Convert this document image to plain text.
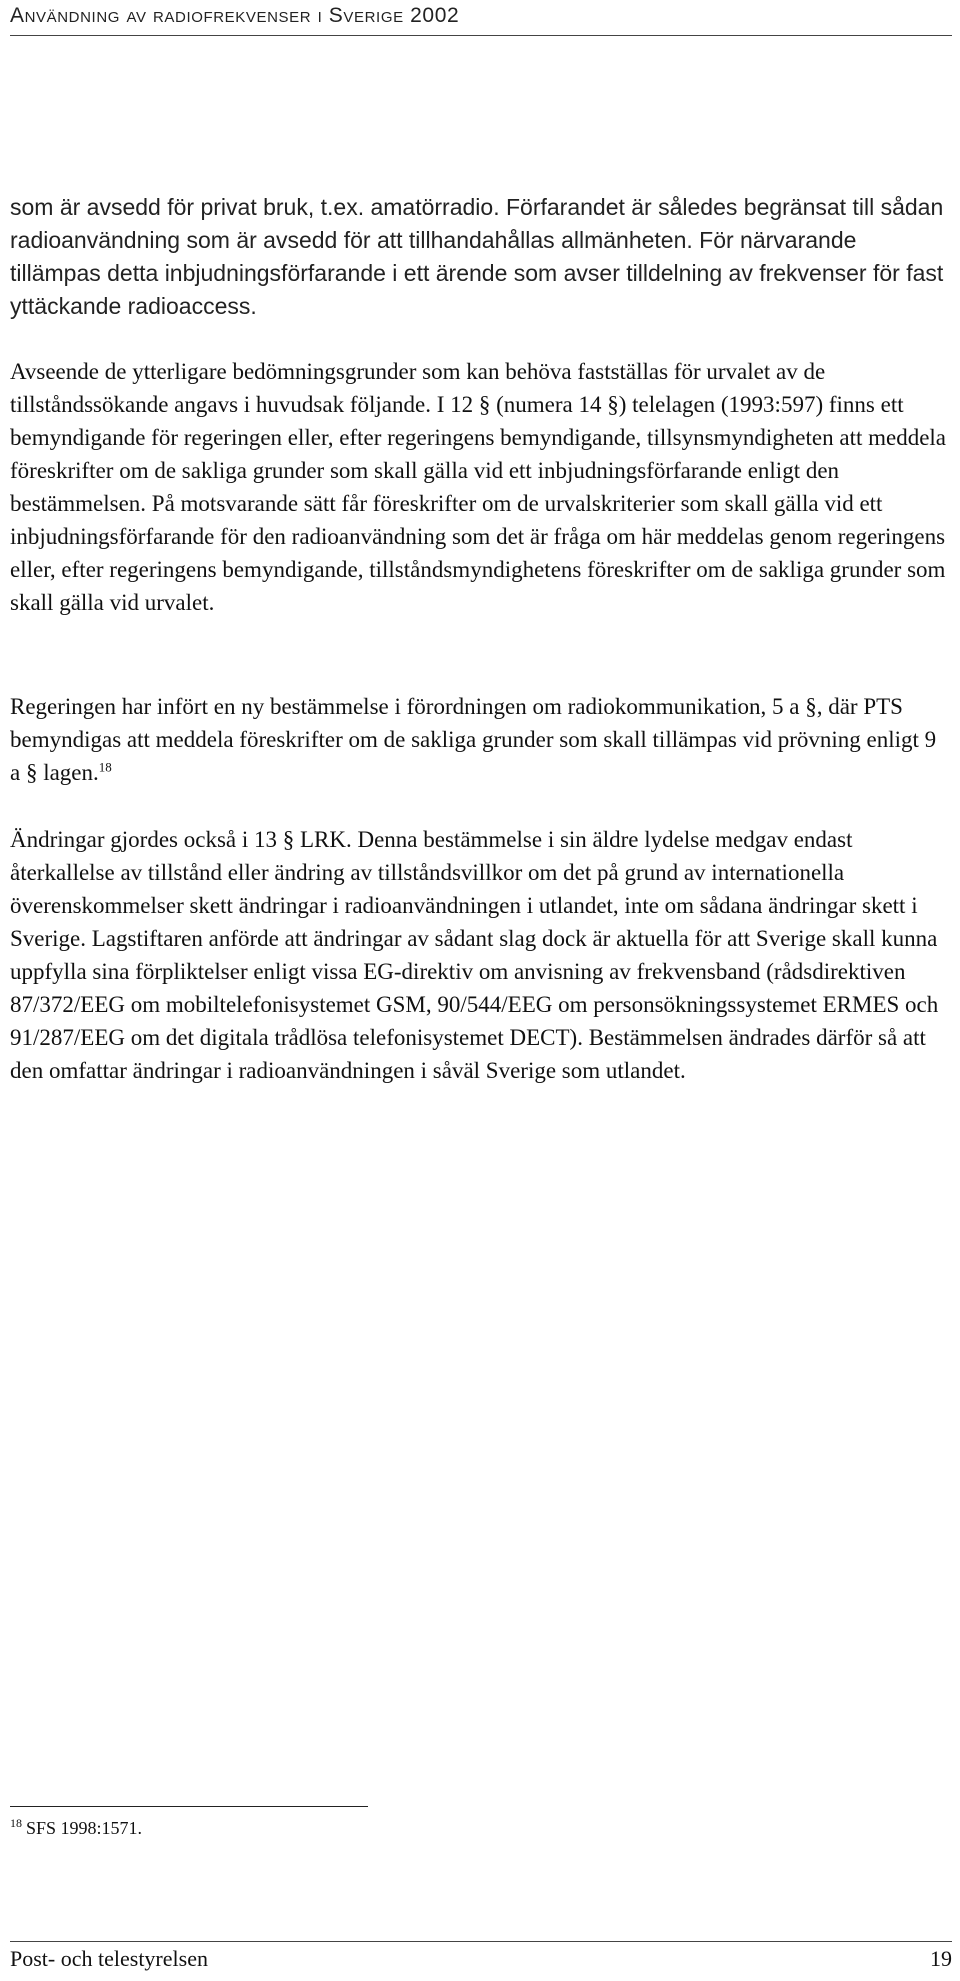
Användning av radiofrekvenser i Sverige 2002

som är avsedd för privat bruk, t.ex. amatörradio. Förfarandet är således begränsat till sådan radioanvändning som är avsedd för att tillhandahållas allmänheten. För närvarande tillämpas detta inbjudningsförfarande i ett ärende som avser tilldelning av frekvenser för fast yttäckande radioaccess.

Avseende de ytterligare bedömningsgrunder som kan behöva fastställas för urvalet av de tillståndssökande angavs i huvudsak följande. I 12 § (numera 14 §) telelagen (1993:597) finns ett bemyndigande för regeringen eller, efter regeringens bemyndigande, tillsynsmyndigheten att meddela föreskrifter om de sakliga grunder som skall gälla vid ett inbjudningsförfarande enligt den bestämmelsen. På motsvarande sätt får föreskrifter om de urvalskriterier som skall gälla vid ett inbjudningsförfarande för den radioanvändning som det är fråga om här meddelas genom regeringens eller, efter regeringens bemyndigande, tillståndsmyndighetens föreskrifter om de sakliga grunder som skall gälla vid urvalet.

Regeringen har infört en ny bestämmelse i förordningen om radiokommunikation, 5 a §, där PTS bemyndigas att meddela föreskrifter om de sakliga grunder som skall tillämpas vid prövning enligt 9 a § lagen.$^{18}$

Ändringar gjordes också i 13 § LRK. Denna bestämmelse i sin äldre lydelse medgav endast återkallelse av tillstånd eller ändring av tillståndsvillkor om det på grund av internationella överenskommelser skett ändringar i radioanvändningen i utlandet, inte om sådana ändringar skett i Sverige. Lagstiftaren anförde att ändringar av sådant slag dock är aktuella för att Sverige skall kunna uppfylla sina förpliktelser enligt vissa EG-direktiv om anvisning av frekvensband (rådsdirektiven 87/372/EEG om mobiltelefonisystemet GSM, 90/544/EEG om personsökningssystemet ERMES och 91/287/EEG om det digitala trådlösa telefonisystemet DECT). Bestämmelsen ändrades därför så att den omfattar ändringar i radioanvändningen i såväl Sverige som utlandet.

$^{18}$ SFS 1998:1571.
Post- och telestyrelsen	19
